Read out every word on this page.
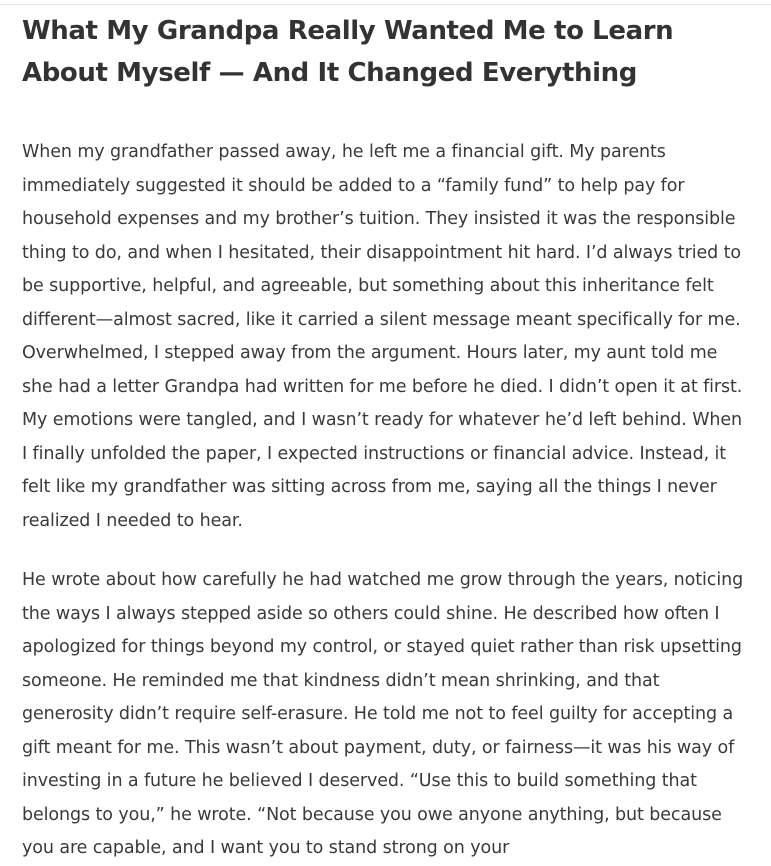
What My Grandpa Really Wanted Me to Learn About Myself — And It Changed Everything

When my grandfather passed away, he left me a financial gift. My parents immediately suggested it should be added to a “family fund” to help pay for household expenses and my brother’s tuition. They insisted it was the responsible thing to do, and when I hesitated, their disappointment hit hard. I’d always tried to be supportive, helpful, and agreeable, but something about this inheritance felt different—almost sacred, like it carried a silent message meant specifically for me. Overwhelmed, I stepped away from the argument. Hours later, my aunt told me she had a letter Grandpa had written for me before he died. I didn’t open it at first. My emotions were tangled, and I wasn’t ready for whatever he’d left behind. When I finally unfolded the paper, I expected instructions or financial advice. Instead, it felt like my grandfather was sitting across from me, saying all the things I never realized I needed to hear.

He wrote about how carefully he had watched me grow through the years, noticing the ways I always stepped aside so others could shine. He described how often I apologized for things beyond my control, or stayed quiet rather than risk upsetting someone. He reminded me that kindness didn’t mean shrinking, and that generosity didn’t require self-erasure. He told me not to feel guilty for accepting a gift meant for me. This wasn’t about payment, duty, or fairness—it was his way of investing in a future he believed I deserved. “Use this to build something that belongs to you,” he wrote. “Not because you owe anyone anything, but because you are capable, and I want you to stand strong on your
